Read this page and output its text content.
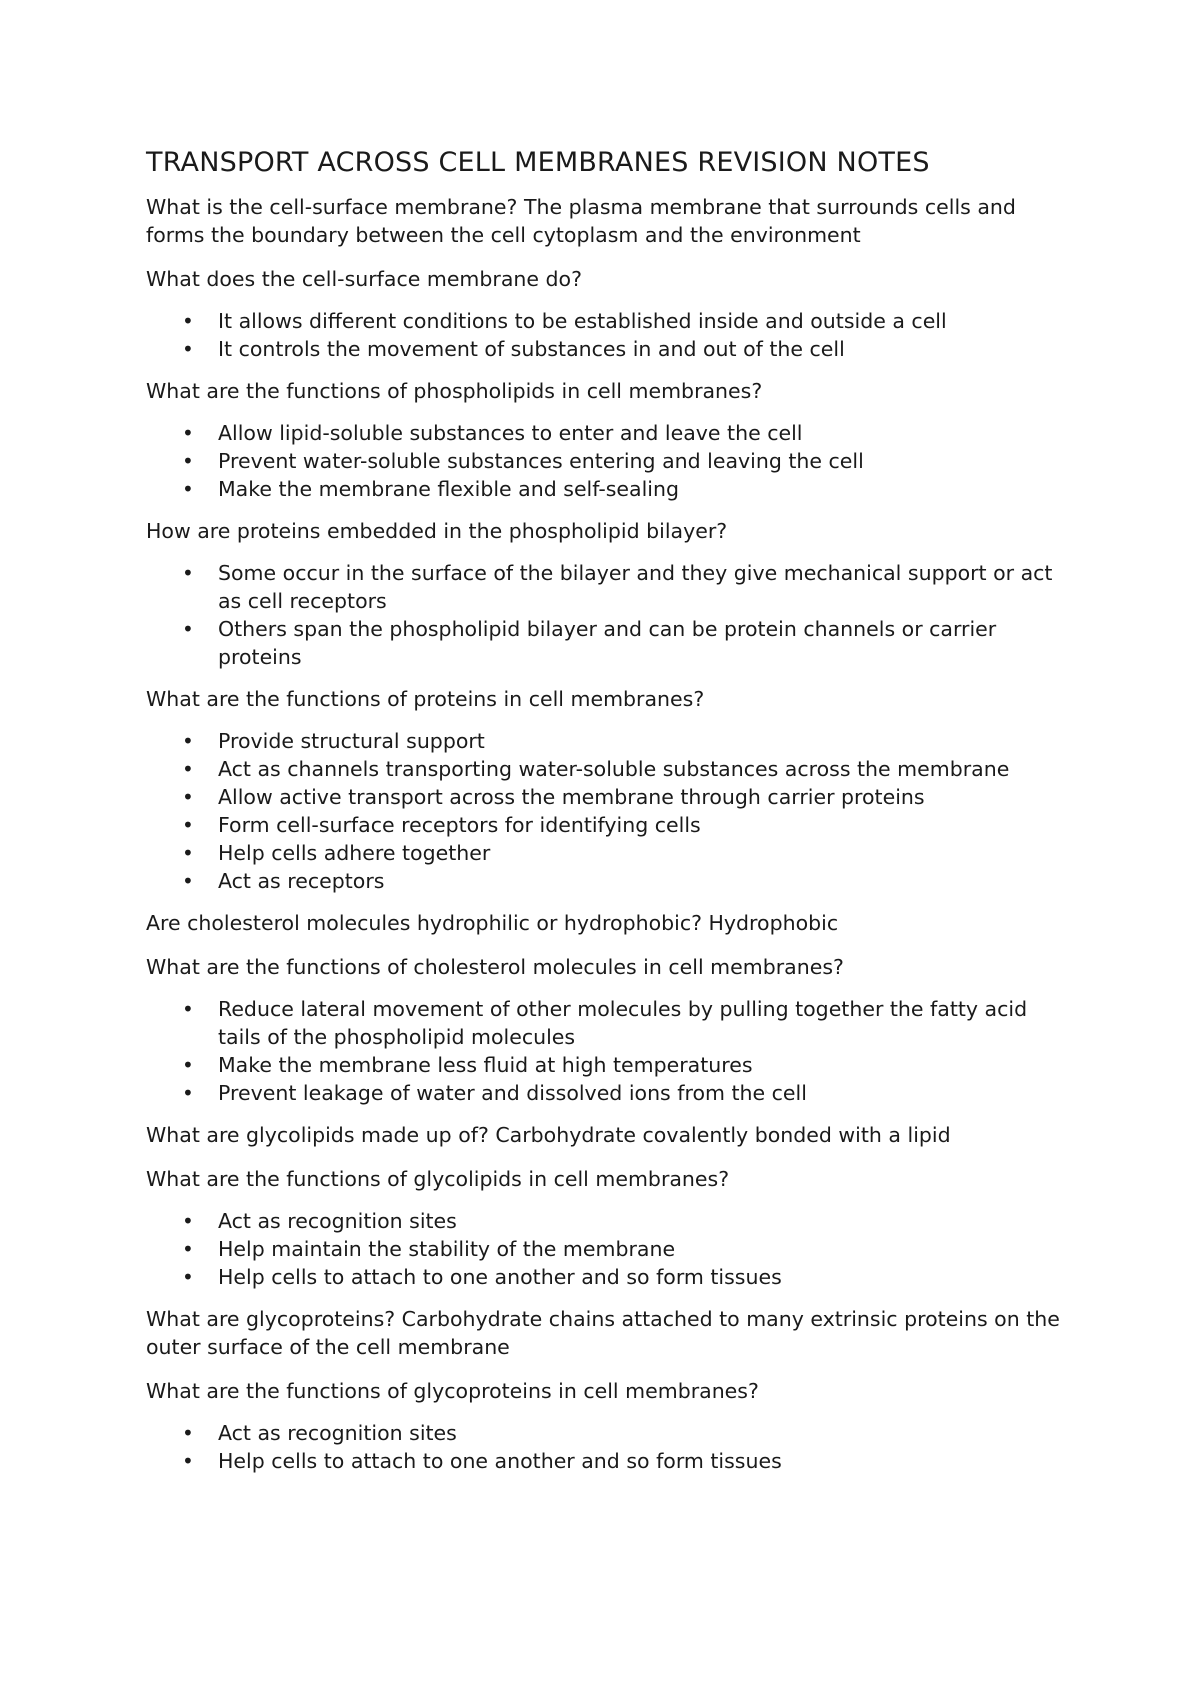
TRANSPORT ACROSS CELL MEMBRANES REVISION NOTES

What is the cell-surface membrane? The plasma membrane that surrounds cells and forms the boundary between the cell cytoplasm and the environment

What does the cell-surface membrane do?

• It allows different conditions to be established inside and outside a cell
• It controls the movement of substances in and out of the cell

What are the functions of phospholipids in cell membranes?

• Allow lipid-soluble substances to enter and leave the cell
• Prevent water-soluble substances entering and leaving the cell
• Make the membrane flexible and self-sealing

How are proteins embedded in the phospholipid bilayer?

• Some occur in the surface of the bilayer and they give mechanical support or act as cell receptors
• Others span the phospholipid bilayer and can be protein channels or carrier proteins

What are the functions of proteins in cell membranes?

• Provide structural support
• Act as channels transporting water-soluble substances across the membrane
• Allow active transport across the membrane through carrier proteins
• Form cell-surface receptors for identifying cells
• Help cells adhere together
• Act as receptors

Are cholesterol molecules hydrophilic or hydrophobic? Hydrophobic

What are the functions of cholesterol molecules in cell membranes?

• Reduce lateral movement of other molecules by pulling together the fatty acid tails of the phospholipid molecules
• Make the membrane less fluid at high temperatures
• Prevent leakage of water and dissolved ions from the cell

What are glycolipids made up of? Carbohydrate covalently bonded with a lipid

What are the functions of glycolipids in cell membranes?

• Act as recognition sites
• Help maintain the stability of the membrane
• Help cells to attach to one another and so form tissues

What are glycoproteins? Carbohydrate chains attached to many extrinsic proteins on the outer surface of the cell membrane

What are the functions of glycoproteins in cell membranes?

• Act as recognition sites
• Help cells to attach to one another and so form tissues
